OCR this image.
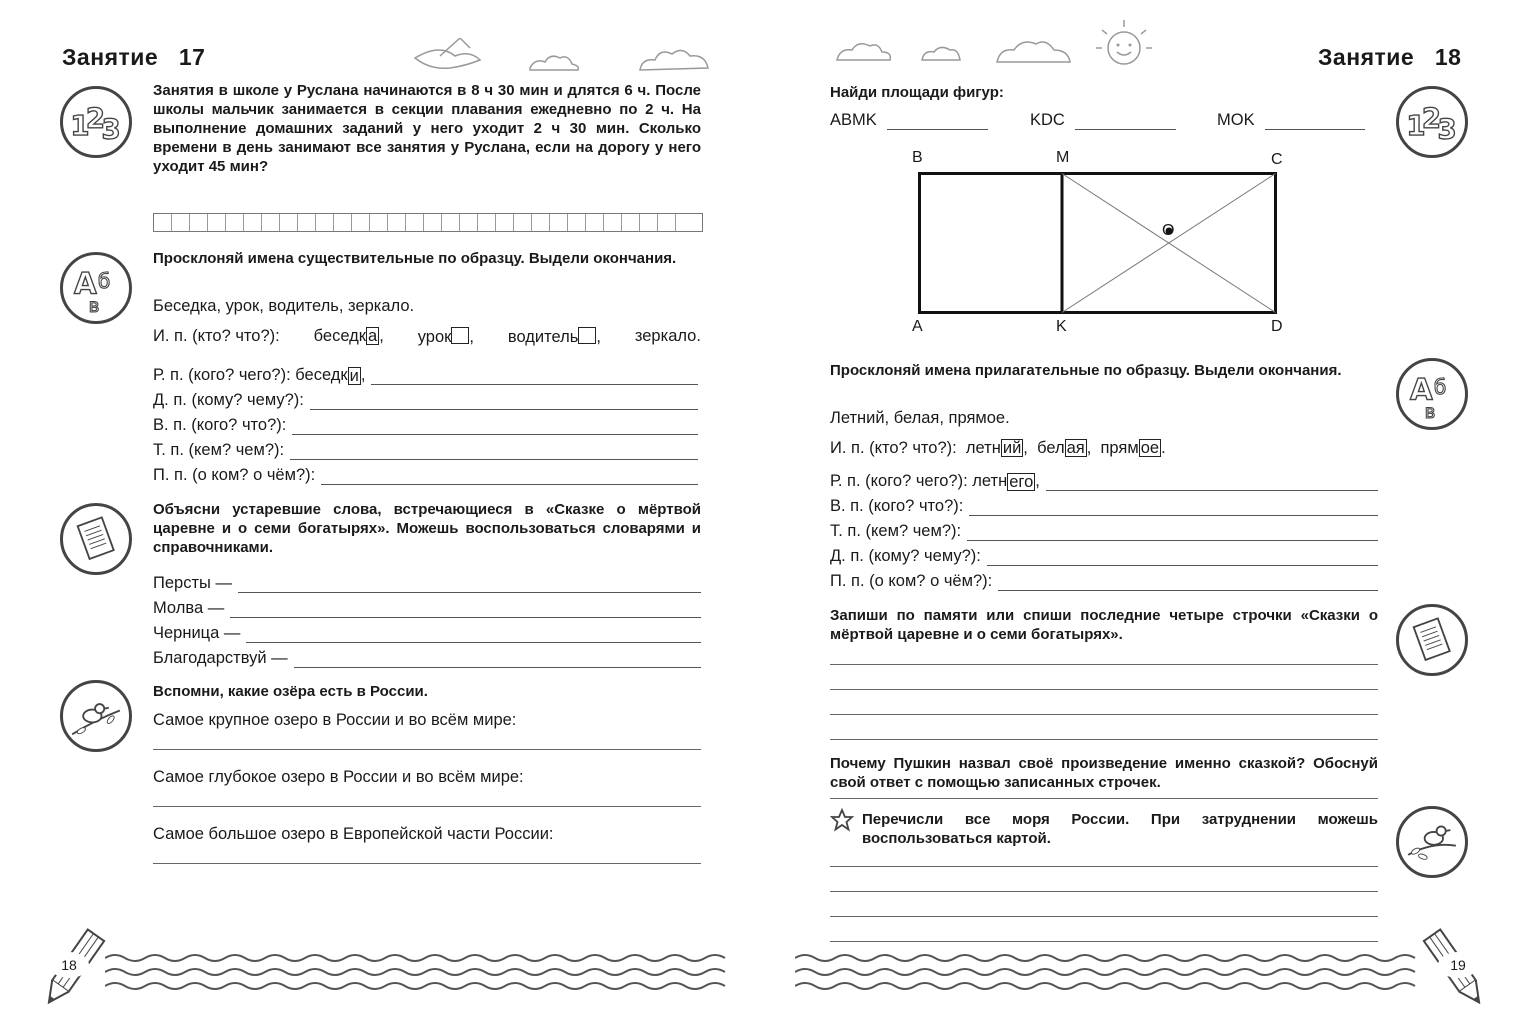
Занятие 17
1
2
3
Занятия в школе у Руслана начинаются в 8 ч 30 мин и длятся 6 ч. После школы мальчик занимается в секции плавания ежедневно по 2 ч. На выполнение домашних заданий у него уходит 2 ч 30 мин. Сколько времени в день занимают все занятия у Руслана, если на дорогу у него уходит 45 мин?
А б
в
Просклоняй имена существительные по образцу. Выдели окончания.
Беседка, урок, водитель, зеркало.
И. п. (кто? что?): беседк а , урок , водитель , зеркало.
Р. п. (кого? чего?):
беседк и ,
Д. п. (кому? чему?):
В. п. (кого? что?):
Т. п. (кем? чем?):
П. п. (о ком? о чём?):
Объясни устаревшие слова, встречающиеся в «Сказке о мёртвой царевне и о семи богатырях». Можешь воспользоваться словарями и справочниками.
Персты —
Молва —
Черница —
Благодарствуй —
Вспомни, какие озёра есть в России.
Самое крупное озеро в России и во всём мире:
Самое глубокое озеро в России и во всём мире:
Самое большое озеро в Европейской части России:
18
Занятие 18
Найди площади фигур:
1
2
3
ABMK	KDC	MOK
B	M	C
O
A	K	D
Просклоняй имена прилагательные по образцу. Выдели окончания.
А б
в
Летний, белая, прямое.
И. п. (кто? что?): летн ий ,  бел ая ,  прям ое .
Р. п. (кого? чего?):
летн его ,
В. п. (кого? что?):
Т. п. (кем? чем?):
Д. п. (кому? чему?):
П. п. (о ком? о чём?):
Запиши по памяти или спиши последние четыре строчки «Сказки о мёртвой царевне и о семи богатырях».
Почему Пушкин назвал своё произведение именно сказкой? Обоснуй свой ответ с помощью записанных строчек.
Перечисли все моря России. При затруднении можешь воспользоваться картой.
19
